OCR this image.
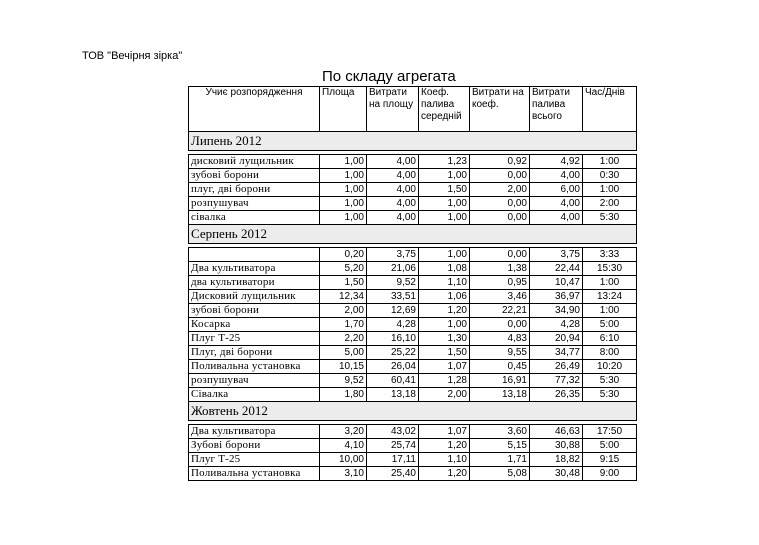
ТОВ "Вечірня зірка"
По складу агрегата
Учиє розпорядження	Площа	Витрати на площу	Коеф. палива середній	Витрати на коеф.	Витрати палива всього	Час/Днів
Липень 2012						

дисковий лущильник	1,00	4,00	1,23	0,92	4,92	1:00
зубові борони	1,00	4,00	1,00	0,00	4,00	0:30
плуг, дві борони	1,00	4,00	1,50	2,00	6,00	1:00
розпушувач	1,00	4,00	1,00	0,00	4,00	2:00
сівалка	1,00	4,00	1,00	0,00	4,00	5:30
Серпень 2012						

	0,20	3,75	1,00	0,00	3,75	3:33
Два культиватора	5,20	21,06	1,08	1,38	22,44	15:30
два культиватори	1,50	9,52	1,10	0,95	10,47	1:00
Дисковий лущильник	12,34	33,51	1,06	3,46	36,97	13:24
зубові борони	2,00	12,69	1,20	22,21	34,90	1:00
Косарка	1,70	4,28	1,00	0,00	4,28	5:00
Плуг Т-25	2,20	16,10	1,30	4,83	20,94	6:10
Плуг, дві борони	5,00	25,22	1,50	9,55	34,77	8:00
Поливальна установка	10,15	26,04	1,07	0,45	26,49	10:20
розпушувач	9,52	60,41	1,28	16,91	77,32	5:30
Сівалка	1,80	13,18	2,00	13,18	26,35	5:30
Жовтень 2012						

Два культиватора	3,20	43,02	1,07	3,60	46,63	17:50
Зубові борони	4,10	25,74	1,20	5,15	30,88	5:00
Плуг Т-25	10,00	17,11	1,10	1,71	18,82	9:15
Поливальна установка	3,10	25,40	1,20	5,08	30,48	9:00
